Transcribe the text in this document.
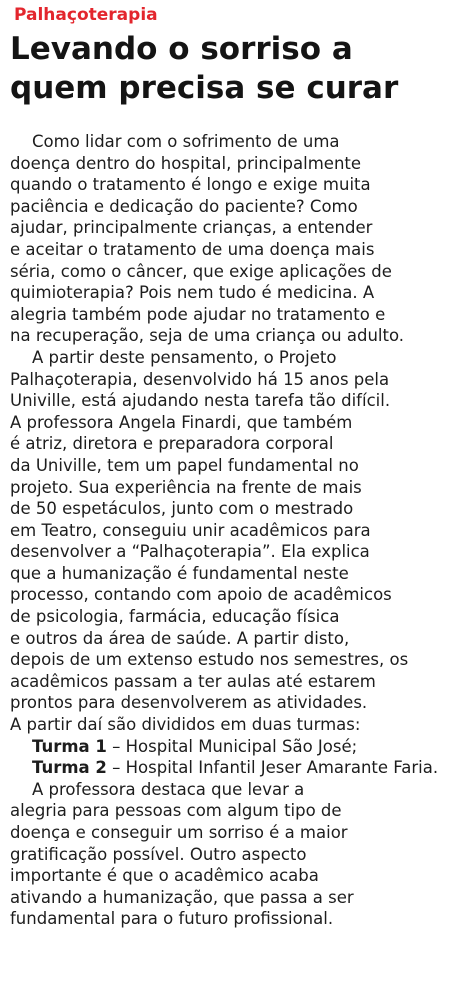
Palhaçoterapia
Levando o sorriso a
quem precisa se curar
Como lidar com o sofrimento de uma
doença dentro do hospital, principalmente
quando o tratamento é longo e exige muita
paciência e dedicação do paciente? Como
ajudar, principalmente crianças, a entender
e aceitar o tratamento de uma doença mais
séria, como o câncer, que exige aplicações de
quimioterapia? Pois nem tudo é medicina. A
alegria também pode ajudar no tratamento e
na recuperação, seja de uma criança ou adulto.
A partir deste pensamento, o Projeto
Palhaçoterapia, desenvolvido há 15 anos pela
Univille, está ajudando nesta tarefa tão difícil.
A professora Angela Finardi, que também
é atriz, diretora e preparadora corporal
da Univille, tem um papel fundamental no
projeto. Sua experiência na frente de mais
de 50 espetáculos, junto com o mestrado
em Teatro, conseguiu unir acadêmicos para
desenvolver a “Palhaçoterapia”. Ela explica
que a humanização é fundamental neste
processo, contando com apoio de acadêmicos
de psicologia, farmácia, educação física
e outros da área de saúde. A partir disto,
depois de um extenso estudo nos semestres, os
acadêmicos passam a ter aulas até estarem
prontos para desenvolverem as atividades.
A partir daí são divididos em duas turmas:
Turma 1 – Hospital Municipal São José;
Turma 2 – Hospital Infantil Jeser Amarante Faria.
A professora destaca que levar a
alegria para pessoas com algum tipo de
doença e conseguir um sorriso é a maior
gratificação possível. Outro aspecto
importante é que o acadêmico acaba
ativando a humanização, que passa a ser
fundamental para o futuro profissional.
